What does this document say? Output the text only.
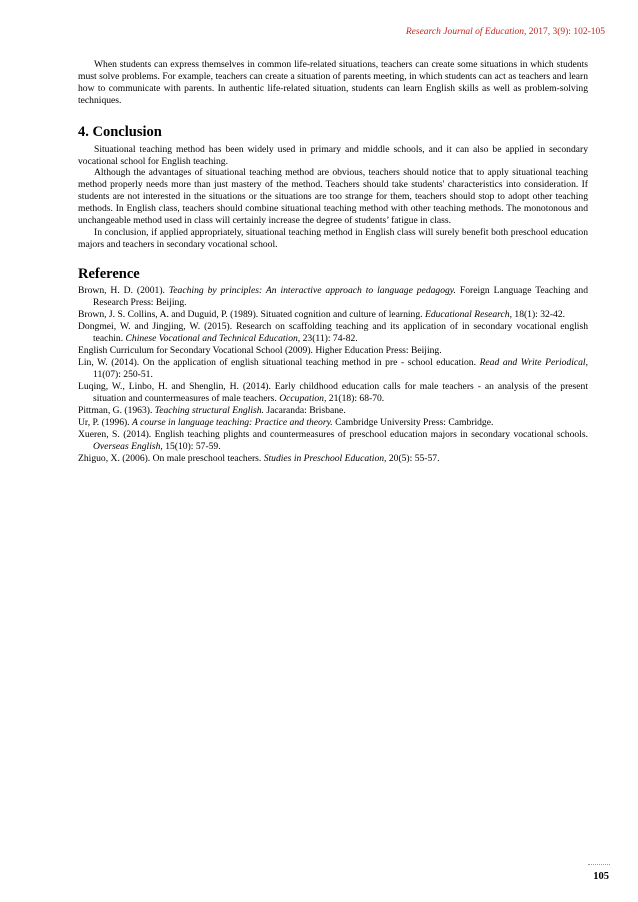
Research Journal of Education, 2017, 3(9): 102-105

When students can express themselves in common life-related situations, teachers can create some situations in which students must solve problems. For example, teachers can create a situation of parents meeting, in which students can act as teachers and learn how to communicate with parents. In authentic life-related situation, students can learn English skills as well as problem-solving techniques.

4. Conclusion

Situational teaching method has been widely used in primary and middle schools, and it can also be applied in secondary vocational school for English teaching.

Although the advantages of situational teaching method are obvious, teachers should notice that to apply situational teaching method properly needs more than just mastery of the method. Teachers should take students' characteristics into consideration. If students are not interested in the situations or the situations are too strange for them, teachers should stop to adopt other teaching methods. In English class, teachers should combine situational teaching method with other teaching methods. The monotonous and unchangeable method used in class will certainly increase the degree of students’ fatigue in class.

In conclusion, if applied appropriately, situational teaching method in English class will surely benefit both preschool education majors and teachers in secondary vocational school.

Reference

Brown, H. D. (2001). Teaching by principles: An interactive approach to language pedagogy. Foreign Language Teaching and Research Press: Beijing.

Brown, J. S. Collins, A. and Duguid, P. (1989). Situated cognition and culture of learning. Educational Research, 18(1): 32-42.

Dongmei, W. and Jingjing, W. (2015). Research on scaffolding teaching and its application of in secondary vocational english teachin. Chinese Vocational and Technical Education, 23(11): 74-82.

English Curriculum for Secondary Vocational School (2009). Higher Education Press: Beijing.

Lin, W. (2014). On the application of english situational teaching method in pre - school education. Read and Write Periodical, 11(07): 250-51.

Luqing, W., Linbo, H. and Shenglin, H. (2014). Early childhood education calls for male teachers - an analysis of the present situation and countermeasures of male teachers. Occupation, 21(18): 68-70.

Pittman, G. (1963). Teaching structural English. Jacaranda: Brisbane.

Ur, P. (1996). A course in language teaching: Practice and theory. Cambridge University Press: Cambridge.

Xueren, S. (2014). English teaching plights and countermeasures of preschool education majors in secondary vocational schools. Overseas English, 15(10): 57-59.

Zhiguo, X. (2006). On male preschool teachers. Studies in Preschool Education, 20(5): 55-57.

105
